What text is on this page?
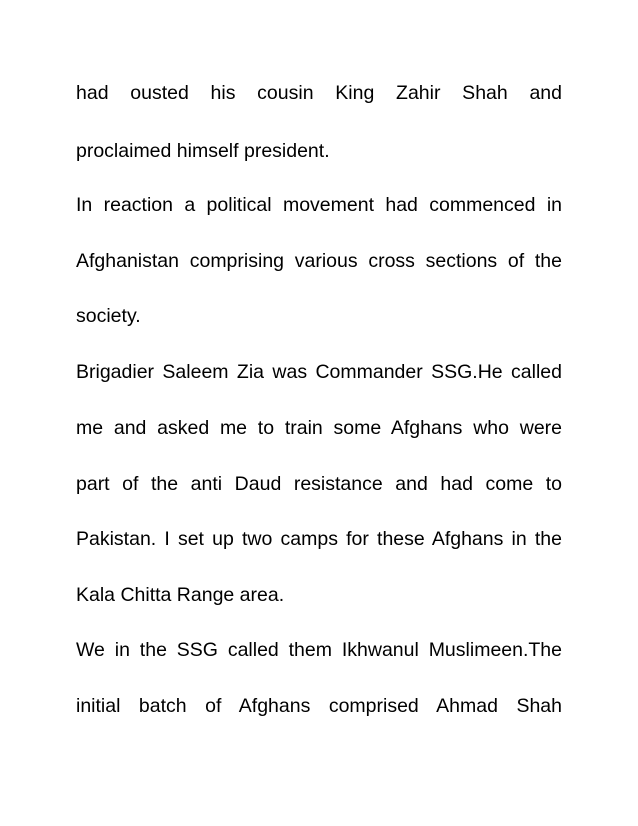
had ousted his cousin King Zahir Shah and
proclaimed himself president.
In reaction a political movement had commenced in
Afghanistan comprising various cross sections of the
society.
Brigadier Saleem Zia was Commander SSG.He called
me and asked me to train some Afghans who were
part of the anti Daud resistance and had come to
Pakistan. I set up two camps for these Afghans in the
Kala Chitta Range area.
We in the SSG called them Ikhwanul Muslimeen.The
initial batch of Afghans comprised Ahmad Shah
